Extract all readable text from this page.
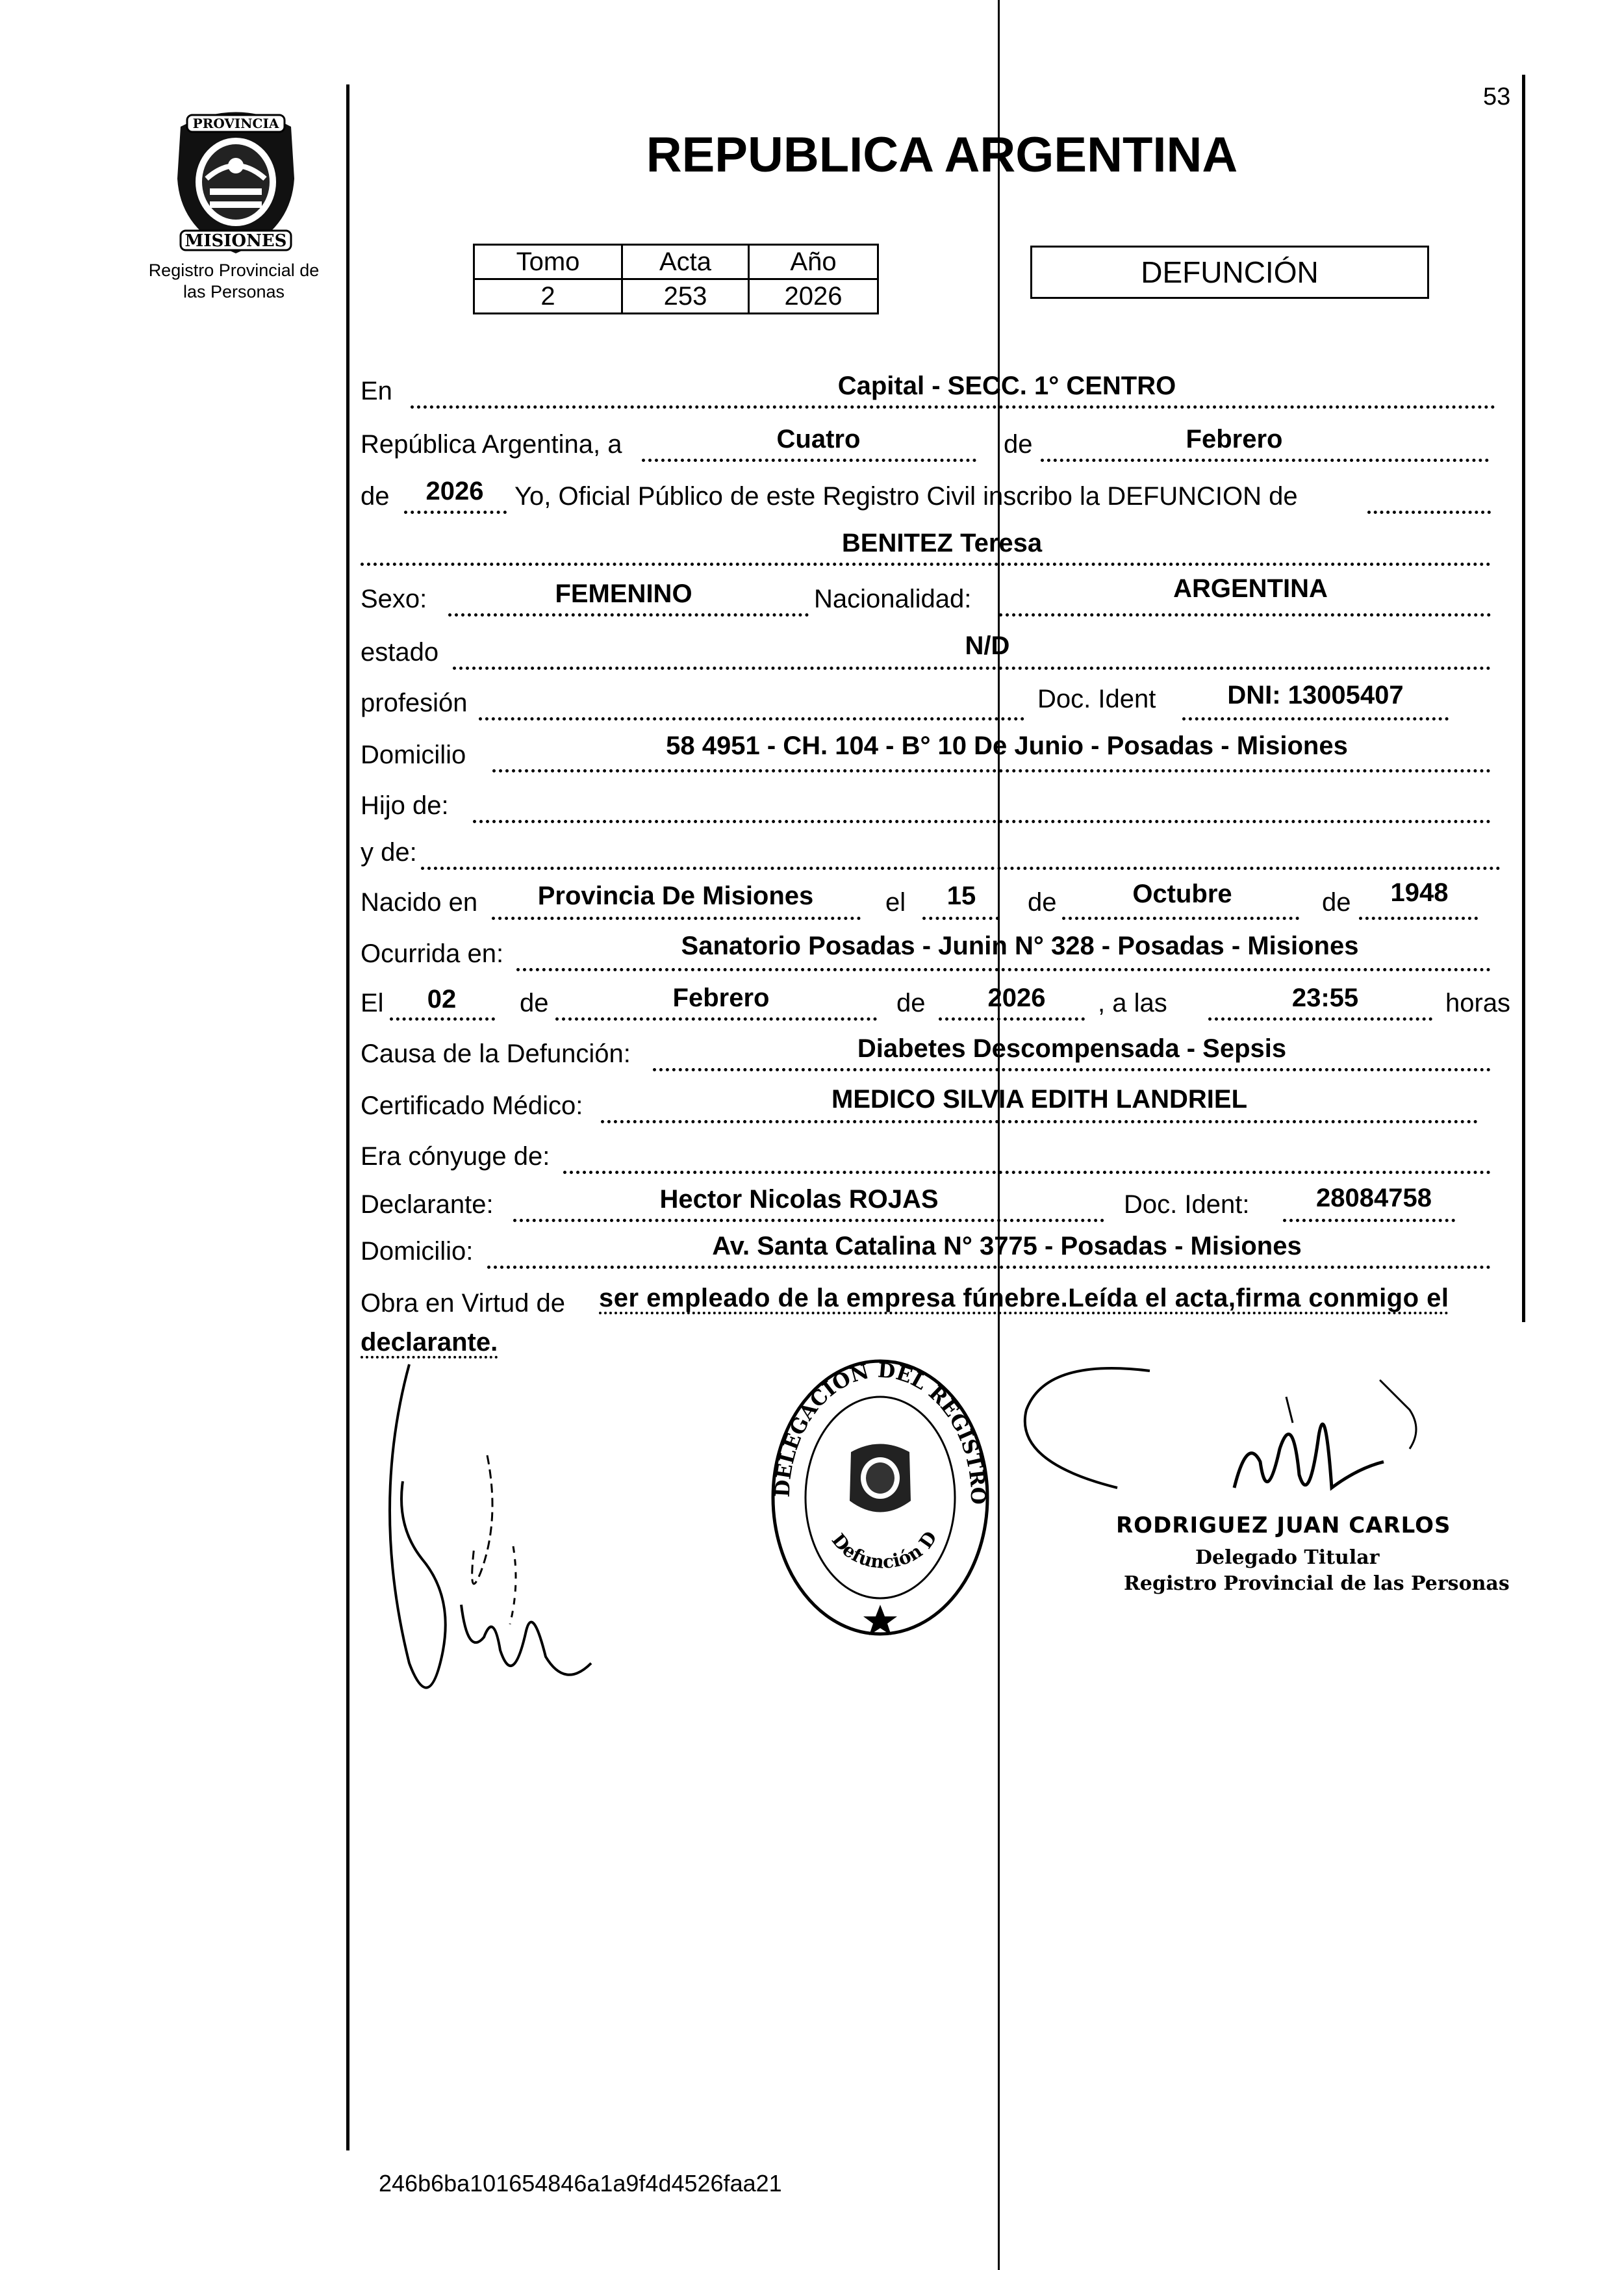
PROVINCIA
MISIONES
Registro Provincial de
las Personas
53
REPUBLICA ARGENTINA
Tomo	Acta	Año
2	253	2026
DEFUNCIÓN
En	Capital - SECC. 1° CENTRO
República Argentina, a	Cuatro	de	Febrero
de	2026	Yo, Oficial Público de este Registro Civil inscribo la DEFUNCION de
BENITEZ Teresa
Sexo:	FEMENINO	Nacionalidad:	ARGENTINA
estado	N/D
profesión	Doc. Ident	DNI: 13005407
Domicilio	58 4951 - CH. 104 - B° 10 De Junio - Posadas - Misiones
Hijo de:
y de:
Nacido en	Provincia De Misiones	el	15	de	Octubre	de	1948
Ocurrida en:	Sanatorio Posadas - Junin N° 328 - Posadas - Misiones
El	02	de	Febrero	de	2026	, a las	23:55	horas
Causa de la Defunción:	Diabetes Descompensada - Sepsis
Certificado Médico:	MEDICO SILVIA EDITH LANDRIEL
Era cónyuge de:
Declarante:	Hector Nicolas ROJAS	Doc. Ident:	28084758
Domicilio:	Av. Santa Catalina N° 3775 - Posadas - Misiones
Obra en Virtud de ser empleado de la empresa fúnebre.Leída el acta,firma conmigo el
declarante.
DELEGACION DEL REGISTRO
Defunción D
RODRIGUEZ JUAN CARLOS
Delegado Titular
Registro Provincial de las Personas
246b6ba101654846a1a9f4d4526faa21
